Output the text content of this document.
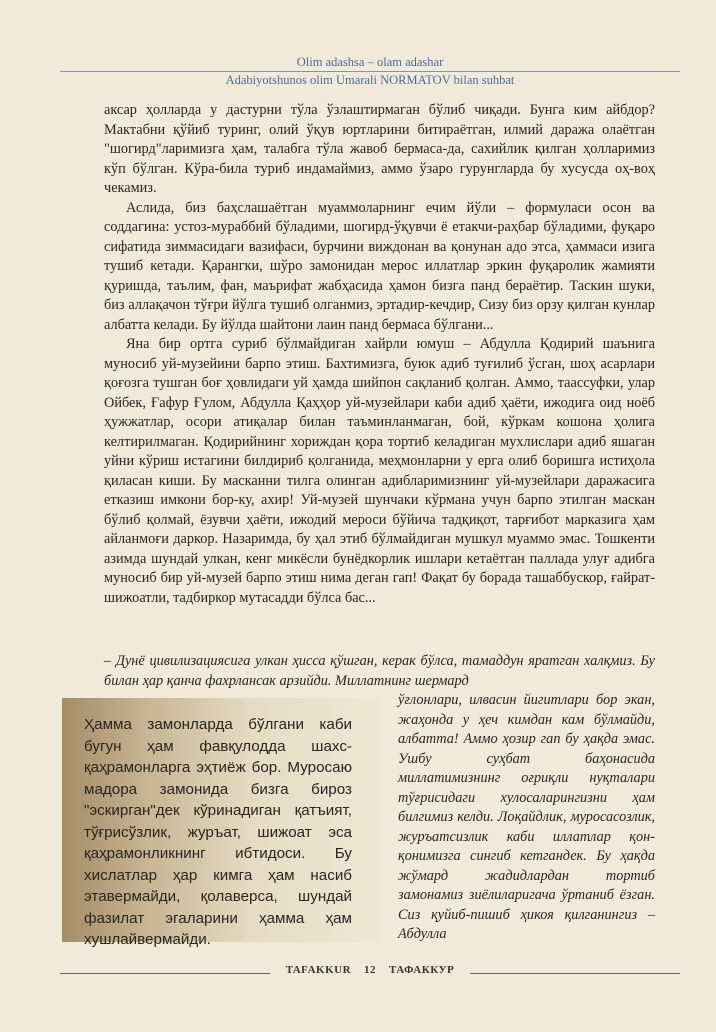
Olim adashsa – olam adashar
Adabiyotshunos olim Umarali NORMATOV bilan suhbat

аксар ҳолларда у дастурни тўла ўзлаштирмаган бўлиб чиқади. Бунга ким айбдор? Мактабни қўйиб туринг, олий ўқув юртларини битираётган, илмий даража олаётган "шогирд"ларимизга ҳам, талабга тўла жавоб бермаса-да, сахийлик қилган ҳолларимиз кўп бўлган. Кўра-била туриб индамаймиз, аммо ўзаро гурунгларда бу хусусда оҳ-воҳ чекамиз.

Аслида, биз баҳслашаётган муаммоларнинг ечим йўли – формуласи осон ва соддагина: устоз-мураббий бўладими, шогирд-ўқувчи ё етакчи-раҳбар бўладими, фуқаро сифатида зиммасидаги вазифаси, бурчини виждонан ва қонунан адо этса, ҳаммаси изига тушиб кетади. Қарангки, шўро замонидан мерос иллатлар эркин фуқаролик жамияти қуришда, таълим, фан, маърифат жабҳасида ҳамон бизга панд бераётир. Таскин шуки, биз аллақачон тўғри йўлга тушиб олганмиз, эртадир-кечдир, Сизу биз орзу қилган кунлар албатта келади. Бу йўлда шайтони лаин панд бермаса бўлгани...

Яна бир ортга суриб бўлмайдиган хайрли юмуш – Абдулла Қодирий шаънига муносиб уй-музейини барпо этиш. Бахтимизга, буюк адиб туғилиб ўсган, шоҳ асарлари қоғозга тушган боғ ҳовлидаги уй ҳамда шийпон сақланиб қолган. Аммо, таассуфки, улар Ойбек, Ғафур Ғулом, Абдулла Қаҳҳор уй-музейлари каби адиб ҳаёти, ижодига оид ноёб ҳужжатлар, осори атиқалар билан таъминланмаган, бой, кўркам кошона ҳолига келтирилмаган. Қодирийнинг хориждан қора тортиб келадиган мухлислари адиб яшаган уйни кўриш истагини билдириб қолганида, меҳмонларни у ерга олиб боришга истиҳола қиласан киши. Бу масканни тилга олинган адибларимизнинг уй-музейлари даражасига етказиш имкони бор-ку, ахир! Уй-музей шунчаки кўрмана учун барпо этилган маскан бўлиб қолмай, ёзувчи ҳаёти, ижодий мероси бўйича тадқиқот, тарғибот марказига ҳам айланмоғи даркор. Назаримда, бу ҳал этиб бўлмайдиган мушкул муаммо эмас. Тошкенти азимда шундай улкан, кенг микёсли бунёдкорлик ишлари кетаётган паллада улуғ адибга муносиб бир уй-музей барпо этиш нима деган гап! Фақат бу борада ташаббускор, ғайрат-шижоатли, тадбиркор мутасадди бўлса бас...

– Дунё цивилизациясига улкан ҳисса қўшган, керак бўлса, тамаддун яратган халқмиз. Бу билан ҳар қанча фахрлансак арзийди. Миллатнинг шермард
Ҳамма замонларда бўлгани каби бугун ҳам фавқулодда шахс-қаҳрамонларга эҳтиёж бор. Муросаю мадора замонида бизга бироз "эскирган"дек кўринадиган қатъият, тўғрисўзлик, журъат, шижоат эса қаҳрамонликнинг ибтидоси. Бу хислатлар ҳар кимга ҳам насиб этавермайди, қолаверса, шундай фазилат эгаларини ҳамма ҳам хушлайвермайди.
ўғлонлари, илвасин йигитлари бор экан, жаҳонда у ҳеч кимдан кам бўлмайди, албатта! Аммо ҳозир гап бу ҳақда эмас. Ушбу суҳбат баҳонасида миллатимизнинг оғриқли нуқталари тўғрисидаги хулосаларингизни ҳам билгимиз келди. Лоқайдлик, муросасозлик, журъатсизлик каби иллатлар қон-қонимизга сингиб кетгандек. Бу ҳақда жўмард жадидлардан тортиб замонамиз зиёлиларигача ўртаниб ёзган. Сиз қуйиб-пишиб ҳикоя қилганингиз – Абдулла
TAFAKKUR 12 ТАФАККУР
